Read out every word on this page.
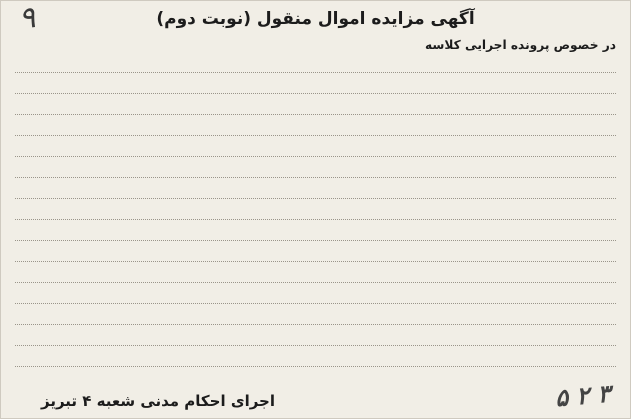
۹	آگهی مزایده اموال منقول (نوبت دوم)
در خصوص پرونده اجرایی کلاسه
۳ ۲ ۵
اجرای احکام مدنی شعبه ۴ تبریز
